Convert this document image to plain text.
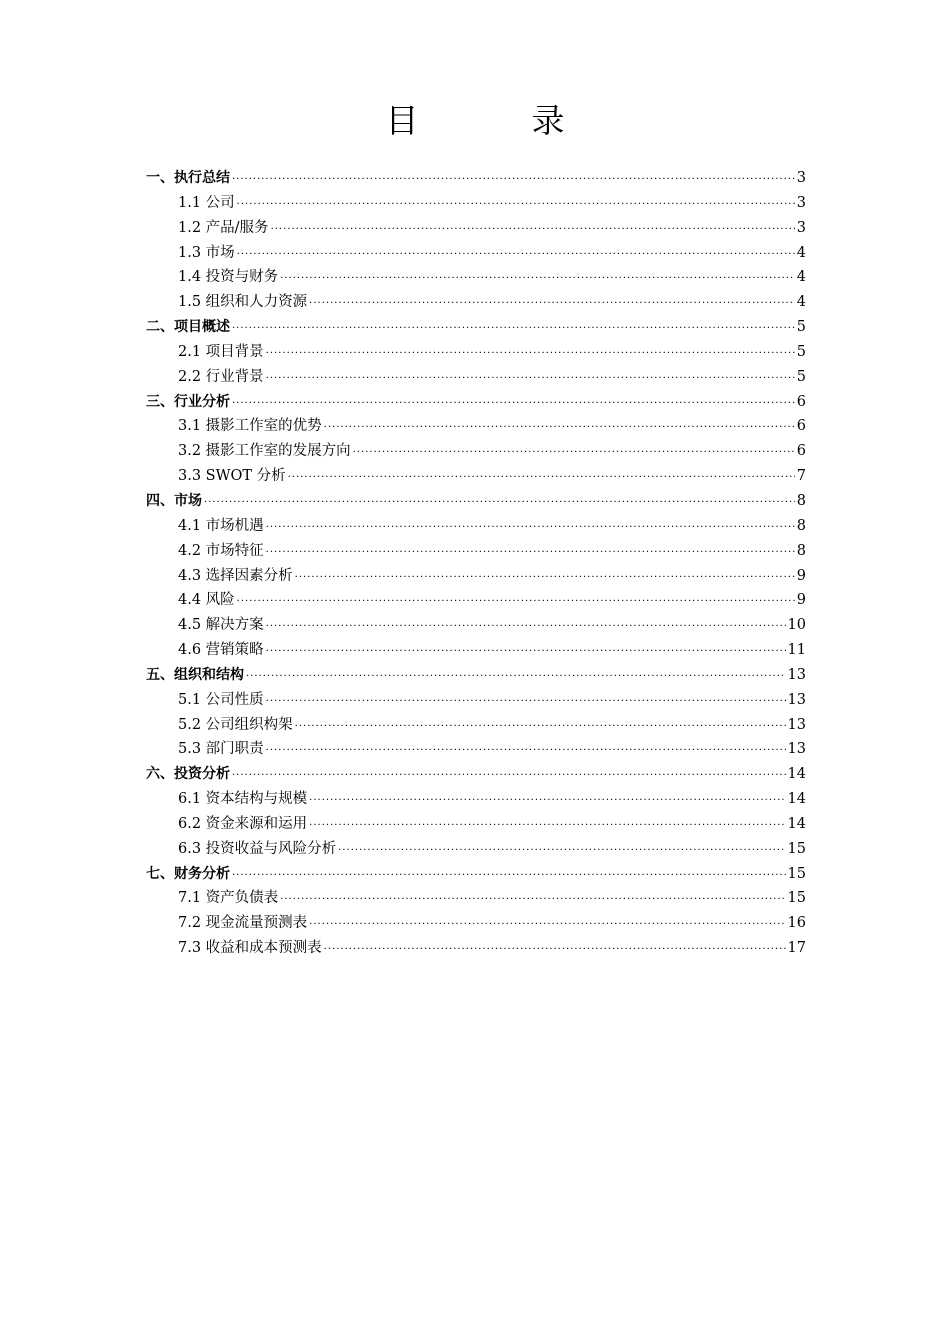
目　录
一、执行总结 ·····	3
1.1 公司 ·····	3
1.2 产品/服务 ·····	3
1.3 市场 ·····	4
1.4 投资与财务 ·····	4
1.5 组织和人力资源 ·····	4
二、项目概述 ·····	5
2.1 项目背景 ·····	5
2.2 行业背景 ·····	5
三、行业分析 ·····	6
3.1 摄影工作室的优势 ·····	6
3.2 摄影工作室的发展方向 ·····	6
3.3 SWOT 分析 ·····	7
四、市场 ·····	8
4.1 市场机遇 ·····	8
4.2 市场特征 ·····	8
4.3 选择因素分析 ·····	9
4.4 风险 ·····	9
4.5 解决方案 ·····	10
4.6 营销策略 ·····	11
五、组织和结构 ·····	13
5.1 公司性质 ·····	13
5.2 公司组织构架 ·····	13
5.3 部门职责 ·····	13
六、投资分析 ·····	14
6.1 资本结构与规模 ·····	14
6.2 资金来源和运用 ·····	14
6.3 投资收益与风险分析 ·····	15
七、财务分析 ·····	15
7.1 资产负债表 ·····	15
7.2 现金流量预测表 ·····	16
7.3 收益和成本预测表 ·····	17
